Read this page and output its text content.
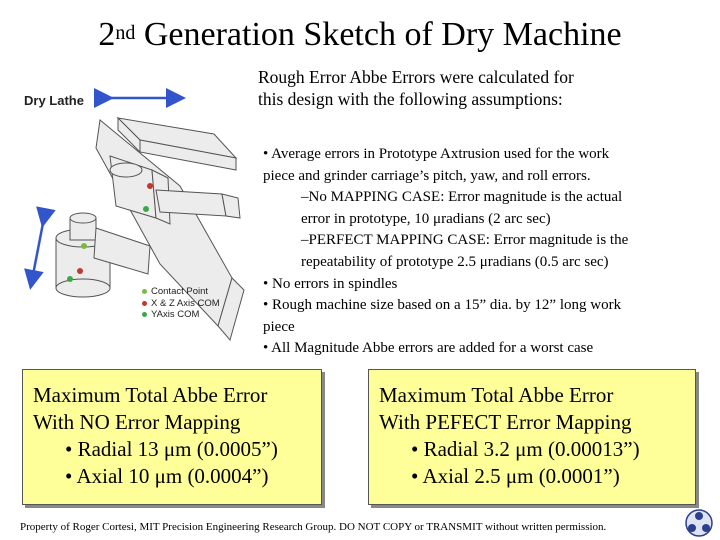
2nd Generation Sketch of Dry Machine
Rough Error Abbe Errors were calculated for
this design with the following assumptions:
• Average errors in Prototype Axtrusion used for the work
piece and grinder carriage’s pitch, yaw, and roll errors.
–No MAPPING CASE: Error magnitude is the actual
error in prototype, 10 μradians (2 arc sec)
–PERFECT MAPPING CASE: Error magnitude is the
repeatability of prototype 2.5 μradians (0.5 arc sec)
• No errors in spindles
• Rough machine size based on a 15” dia. by 12” long work
piece
• All Magnitude Abbe errors are added for a worst case
Dry Lathe
Contact Point
X & Z Axis COM
YAxis COM
Maximum Total Abbe Error
With NO Error Mapping
• Radial 13 μm (0.0005”)
• Axial 10 μm (0.0004”)
Maximum Total Abbe Error
With PEFECT Error Mapping
• Radial 3.2 μm (0.00013”)
• Axial 2.5 μm (0.0001”)
Property of Roger Cortesi, MIT Precision Engineering Research Group. DO NOT COPY or TRANSMIT without written permission.
